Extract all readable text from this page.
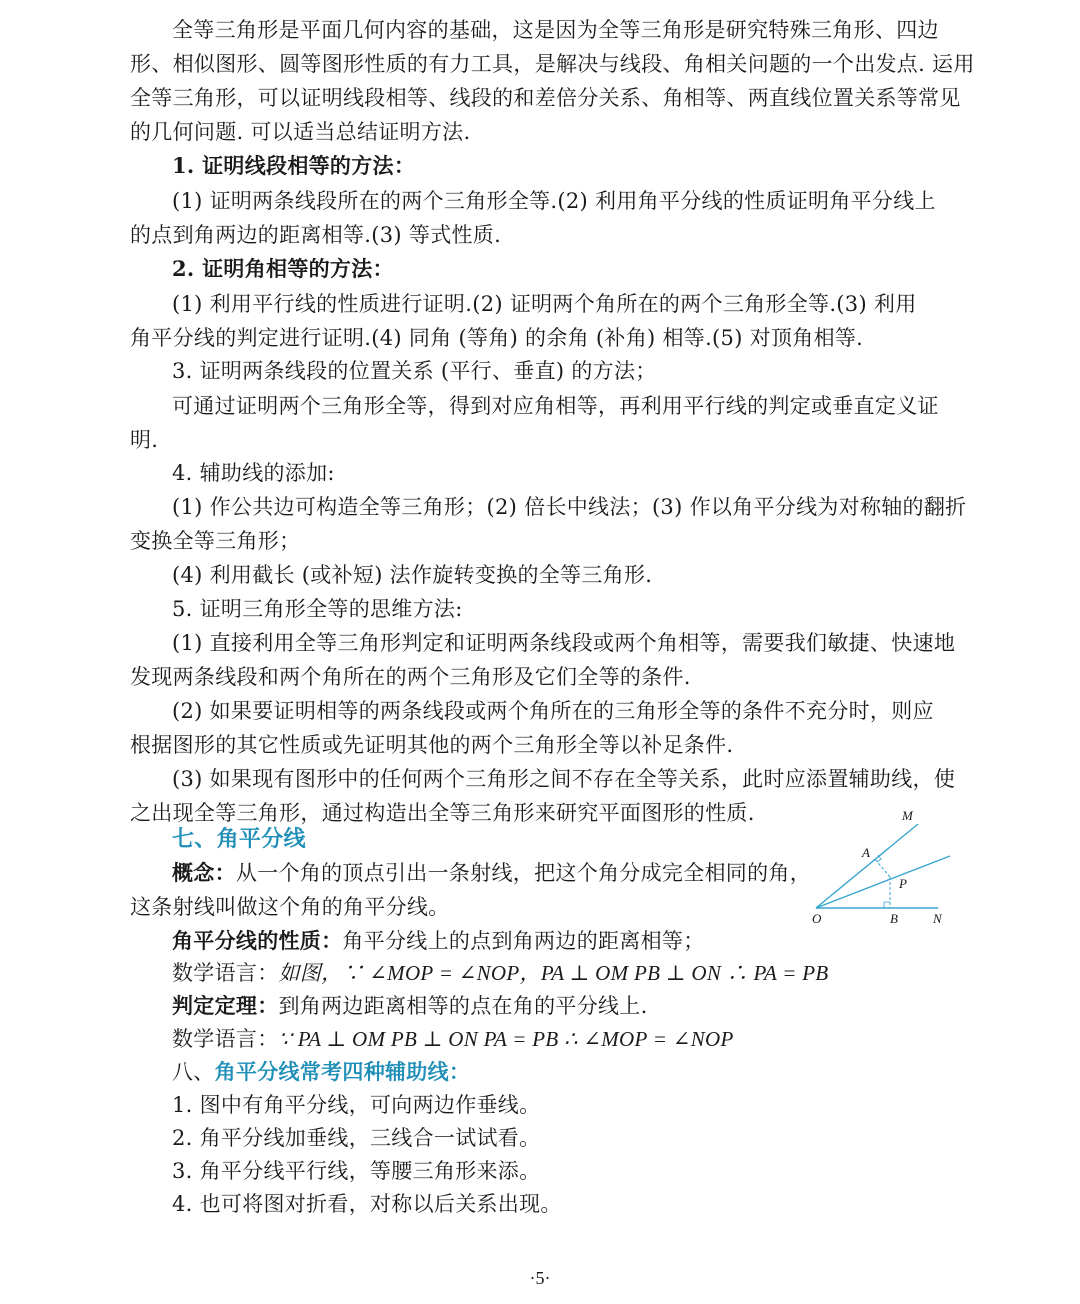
全等三角形是平面几何内容的基础，这是因为全等三角形是研究特殊三角形、四边
形、相似图形、圆等图形性质的有力工具，是解决与线段、角相关问题的一个出发点. 运用
全等三角形，可以证明线段相等、线段的和差倍分关系、角相等、两直线位置关系等常见
的几何问题. 可以适当总结证明方法.
1. 证明线段相等的方法：
(1) 证明两条线段所在的两个三角形全等.(2) 利用角平分线的性质证明角平分线上
的点到角两边的距离相等.(3) 等式性质.
2. 证明角相等的方法：
(1) 利用平行线的性质进行证明.(2) 证明两个角所在的两个三角形全等.(3) 利用
角平分线的判定进行证明.(4) 同角 (等角) 的余角 (补角) 相等.(5) 对顶角相等.
3. 证明两条线段的位置关系 (平行、垂直) 的方法；
可通过证明两个三角形全等，得到对应角相等，再利用平行线的判定或垂直定义证
明.
4. 辅助线的添加:
(1) 作公共边可构造全等三角形；(2) 倍长中线法；(3) 作以角平分线为对称轴的翻折
变换全等三角形；
(4) 利用截长 (或补短) 法作旋转变换的全等三角形.
5. 证明三角形全等的思维方法:
(1) 直接利用全等三角形判定和证明两条线段或两个角相等，需要我们敏捷、快速地
发现两条线段和两个角所在的两个三角形及它们全等的条件.
(2) 如果要证明相等的两条线段或两个角所在的三角形全等的条件不充分时，则应
根据图形的其它性质或先证明其他的两个三角形全等以补足条件.
(3) 如果现有图形中的任何两个三角形之间不存在全等关系，此时应添置辅助线，使
之出现全等三角形，通过构造出全等三角形来研究平面图形的性质.
七、角平分线
概念：从一个角的顶点引出一条射线，把这个角分成完全相同的角，
这条射线叫做这个角的角平分线。
角平分线的性质：角平分线上的点到角两边的距离相等；
数学语言：如图，∵ ∠MOP = ∠NOP，PA ⊥ OM PB ⊥ ON ∴ PA = PB
判定定理：到角两边距离相等的点在角的平分线上.
数学语言：∵ PA ⊥ OM PB ⊥ ON PA = PB ∴ ∠MOP = ∠NOP
八、角平分线常考四种辅助线：
1. 图中有角平分线，可向两边作垂线。
2. 角平分线加垂线，三线合一试试看。
3. 角平分线平行线，等腰三角形来添。
4. 也可将图对折看，对称以后关系出现。
M
A
P
O	B	N
·5·
